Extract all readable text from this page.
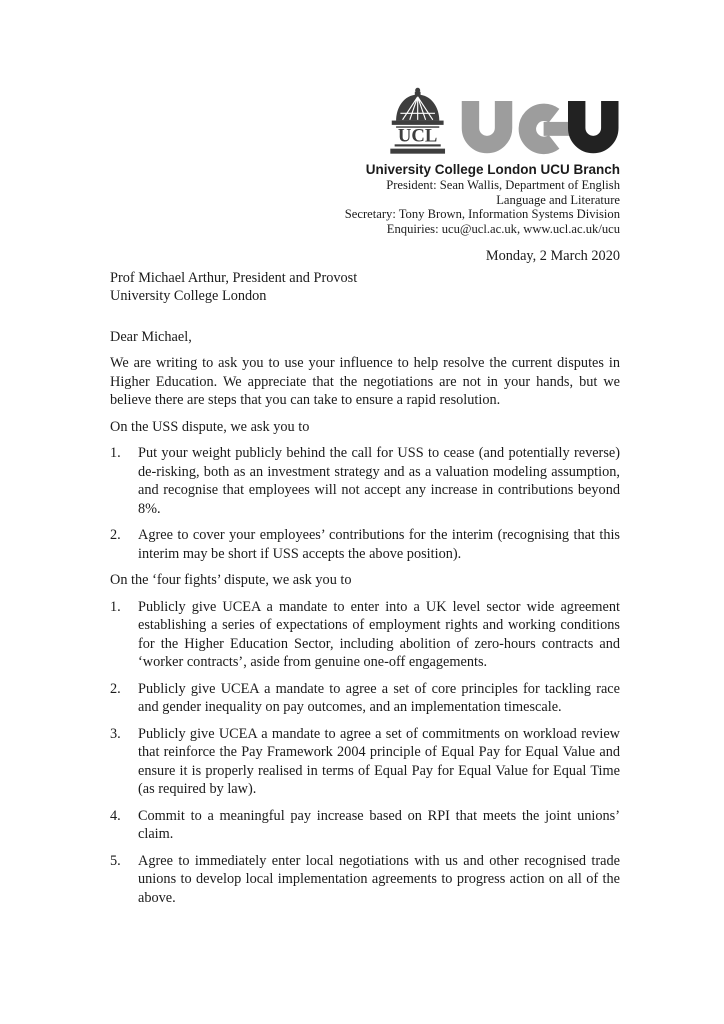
UCL
University College London UCU Branch
President: Sean Wallis, Department of English
Language and Literature
Secretary: Tony Brown, Information Systems Division
Enquiries: ucu@ucl.ac.uk, www.ucl.ac.uk/ucu
Monday, 2 March 2020
Prof Michael Arthur, President and Provost
University College London

Dear Michael,

We are writing to ask you to use your influence to help resolve the current disputes in Higher Education. We appreciate that the negotiations are not in your hands, but we believe there are steps that you can take to ensure a rapid resolution.

On the USS dispute, we ask you to

1. Put your weight publicly behind the call for USS to cease (and potentially reverse) de-risking, both as an investment strategy and as a valuation modeling assumption, and recognise that employees will not accept any increase in contributions beyond 8%.
2. Agree to cover your employees’ contributions for the interim (recognising that this interim may be short if USS accepts the above position).

On the ‘four fights’ dispute, we ask you to

1. Publicly give UCEA a mandate to enter into a UK level sector wide agreement establishing a series of expectations of employment rights and working conditions for the Higher Education Sector, including abolition of zero-hours contracts and ‘worker contracts’, aside from genuine one-off engagements.
2. Publicly give UCEA a mandate to agree a set of core principles for tackling race and gender inequality on pay outcomes, and an implementation timescale.
3. Publicly give UCEA a mandate to agree a set of commitments on workload review that reinforce the Pay Framework 2004 principle of Equal Pay for Equal Value and ensure it is properly realised in terms of Equal Pay for Equal Value for Equal Time (as required by law).
4. Commit to a meaningful pay increase based on RPI that meets the joint unions’ claim.
5. Agree to immediately enter local negotiations with us and other recognised trade unions to develop local implementation agreements to progress action on all of the above.
